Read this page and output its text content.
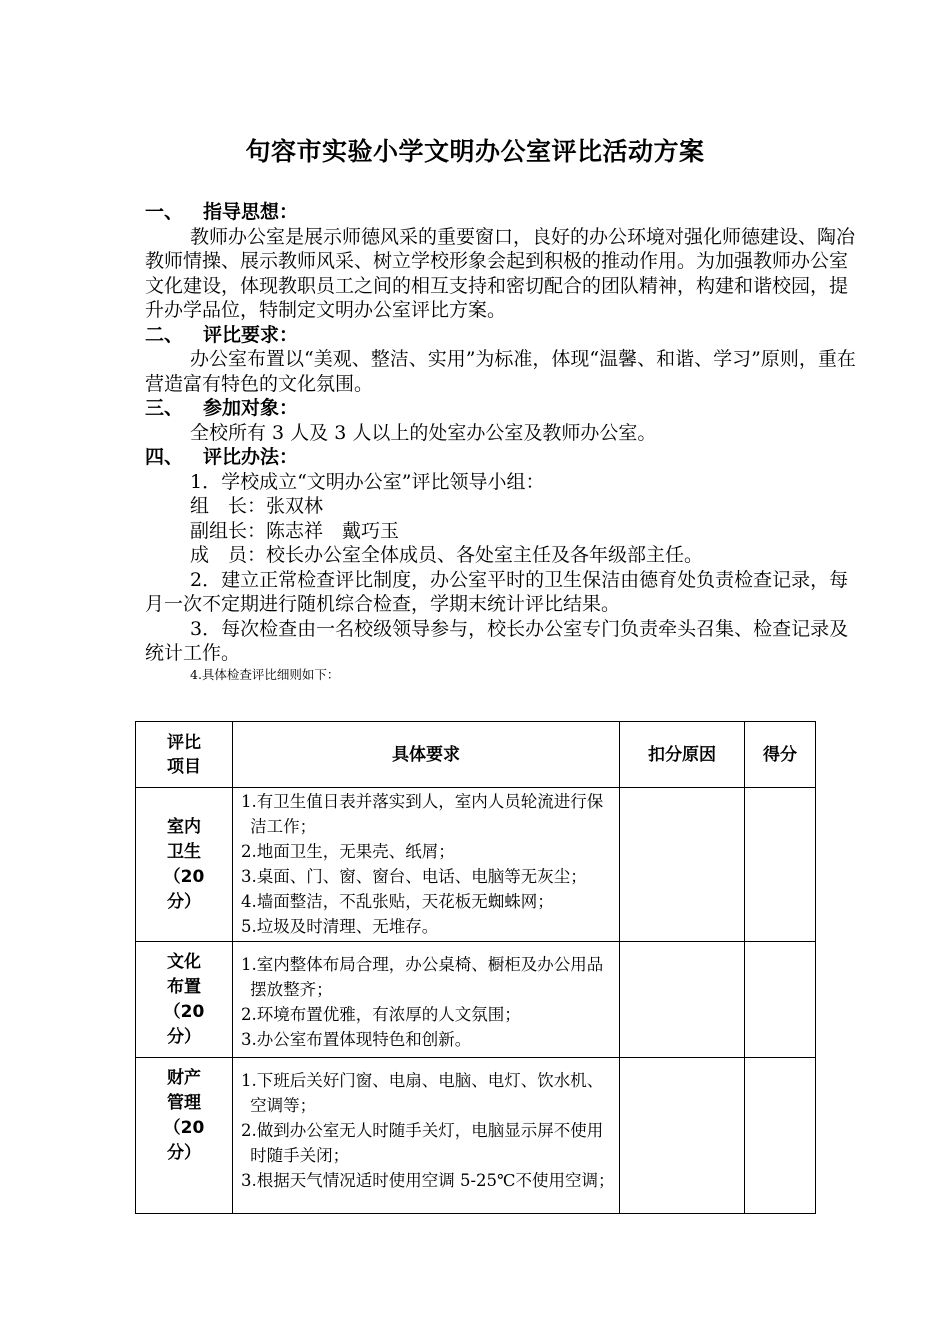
句容市实验小学文明办公室评比活动方案
一、 指导思想：
教师办公室是展示师德风采的重要窗口，良好的办公环境对强化师德建设、陶冶教师情操、展示教师风采、树立学校形象会起到积极的推动作用。为加强教师办公室文化建设，体现教职员工之间的相互支持和密切配合的团队精神，构建和谐校园，提升办学品位，特制定文明办公室评比方案。
二、 评比要求：
办公室布置以“美观、整洁、实用”为标准，体现“温馨、和谐、学习”原则，重在营造富有特色的文化氛围。
三、 参加对象：
全校所有 3 人及 3 人以上的处室办公室及教师办公室。
四、 评比办法：
1．学校成立“文明办公室”评比领导小组：
组　长：张双林
副组长：陈志祥　戴巧玉
成　员：校长办公室全体成员、各处室主任及各年级部主任。
2．建立正常检查评比制度，办公室平时的卫生保洁由德育处负责检查记录，每月一次不定期进行随机综合检查，学期末统计评比结果。
3．每次检查由一名校级领导参与，校长办公室专门负责牵头召集、检查记录及统计工作。
4.具体检查评比细则如下：
评比项目	具体要求	扣分原因	得分

室内卫生（20分）	1.有卫生值日表并落实到人，室内人员轮流进行保洁工作；
2.地面卫生，无果壳、纸屑；
3.桌面、门、窗、窗台、电话、电脑等无灰尘；
4.墙面整洁，不乱张贴，天花板无蜘蛛网；
5.垃圾及时清理、无堆存。		

文化布置（20分）	1.室内整体布局合理，办公桌椅、橱柜及办公用品摆放整齐；
2.环境布置优雅，有浓厚的人文氛围；
3.办公室布置体现特色和创新。		

财产管理（20分）	1.下班后关好门窗、电扇、电脑、电灯、饮水机、空调等；
2.做到办公室无人时随手关灯，电脑显示屏不使用时随手关闭；
3.根据天气情况适时使用空调 5-25℃不使用空调；		
